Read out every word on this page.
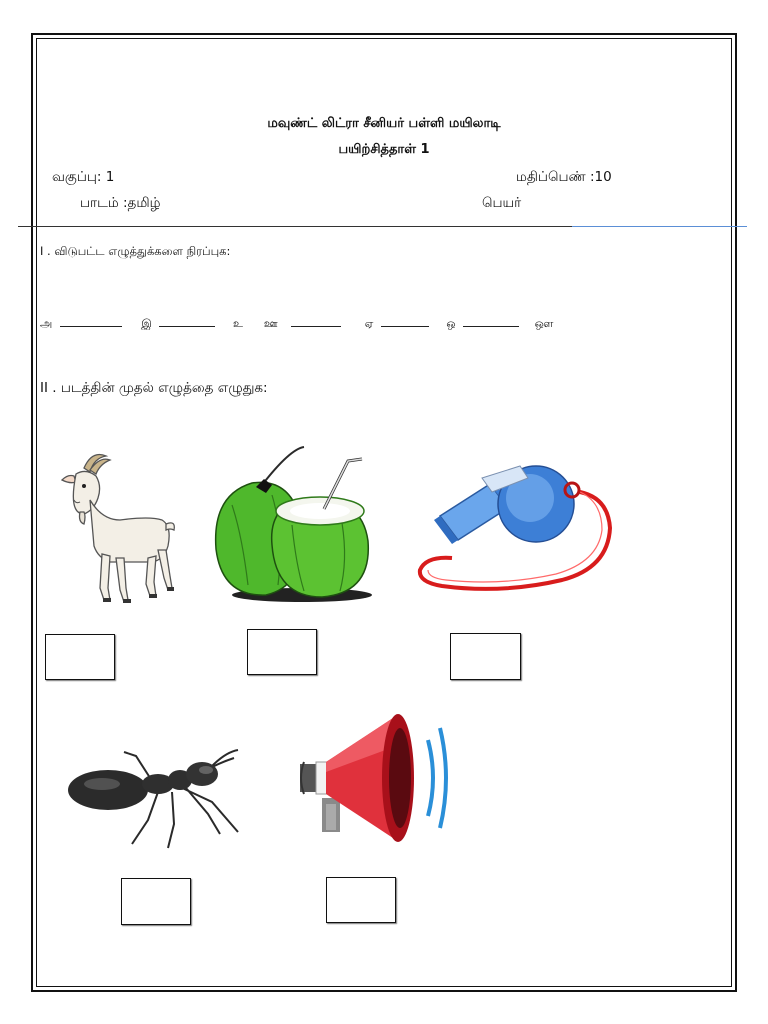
மவுண்ட் லிட்ரா சீனியர் பள்ளி மயிலாடி
பயிற்சித்தாள் 1
வகுப்பு: 1	மதிப்பெண் :10
பாடம் :தமிழ்	பெயர்
I . விடுபட்ட எழுத்துக்களை நிரப்புக:
அ	இ	உ ஊ	ஏ	ஒ	ஔ
II . படத்தின் முதல் எழுத்தை எழுதுக:
